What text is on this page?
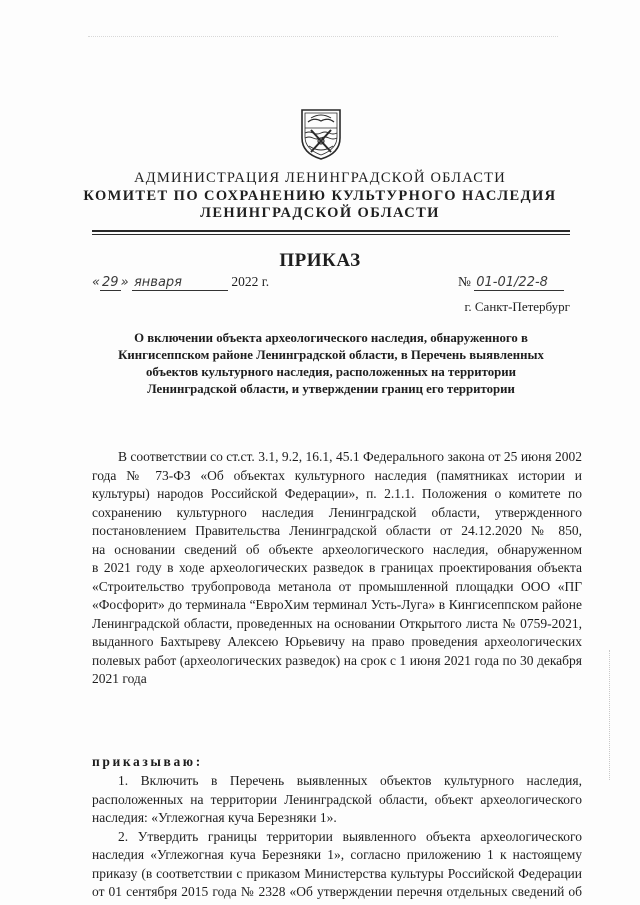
АДМИНИСТРАЦИЯ ЛЕНИНГРАДСКОЙ ОБЛАСТИ
КОМИТЕТ ПО СОХРАНЕНИЮ КУЛЬТУРНОГО НАСЛЕДИЯ
ЛЕНИНГРАДСКОЙ ОБЛАСТИ
ПРИКАЗ
« 29 » января	2022 г.	№ 01-01/22-8
г. Санкт-Петербург
О включении объекта археологического наследия, обнаруженного в
Кингисеппском районе Ленинградской области, в Перечень выявленных
объектов культурного наследия, расположенных на территории
Ленинградской области, и утверждении границ его территории
В соответствии со ст.ст. 3.1, 9.2, 16.1, 45.1 Федерального закона от 25 июня 2002
года № 73-ФЗ «Об объектах культурного наследия (памятниках истории и
культуры) народов Российской Федерации», п. 2.1.1. Положения о комитете по
сохранению культурного наследия Ленинградской области, утвержденного
постановлением Правительства Ленинградской области от 24.12.2020 № 850,
на основании сведений об объекте археологического наследия, обнаруженном
в 2021 году в ходе археологических разведок в границах проектирования объекта
«Строительство трубопровода метанола от промышленной площадки ООО «ПГ
«Фосфорит» до терминала “ЕвроХим терминал Усть-Луга» в Кингисеппском районе
Ленинградской области, проведенных на основании Открытого листа № 0759-2021,
выданного Бахтыреву Алексею Юрьевичу на право проведения археологических
полевых работ (археологических разведок) на срок с 1 июня 2021 года по 30 декабря
2021 года
приказываю:
1. Включить в Перечень выявленных объектов культурного наследия,
расположенных на территории Ленинградской области, объект археологического
наследия: «Углежогная куча Березняки 1».
2. Утвердить границы территории выявленного объекта археологического
наследия «Углежогная куча Березняки 1», согласно приложению 1 к настоящему
приказу (в соответствии с приказом Министерства культуры Российской Федерации
от 01 сентября 2015 года № 2328 «Об утверждении перечня отдельных сведений об
